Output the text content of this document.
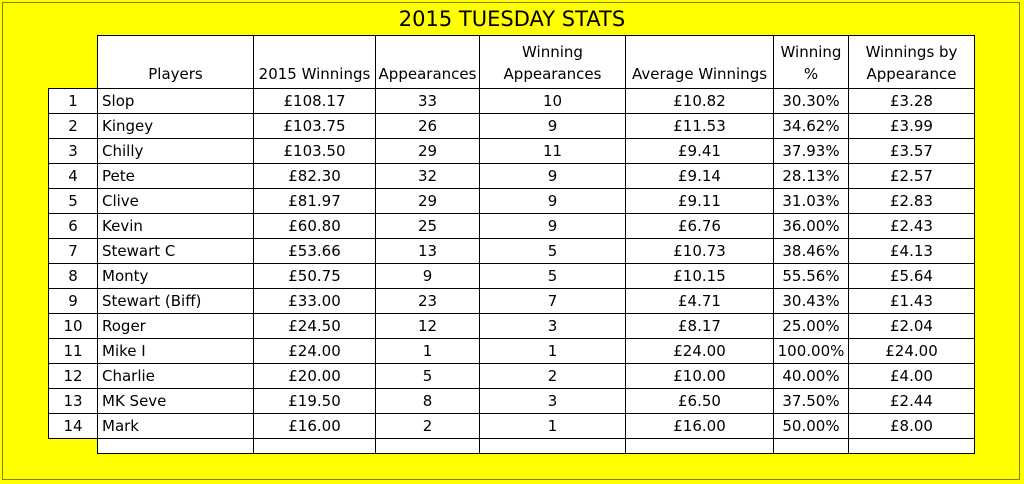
2015 TUESDAY STATS
	Players	2015 Winnings	Appearances	Winning Appearances	Average Winnings	Winning %	Winnings by Appearance
1	Slop	£108.17	33	10	£10.82	30.30%	£3.28
2	Kingey	£103.75	26	9	£11.53	34.62%	£3.99
3	Chilly	£103.50	29	11	£9.41	37.93%	£3.57
4	Pete	£82.30	32	9	£9.14	28.13%	£2.57
5	Clive	£81.97	29	9	£9.11	31.03%	£2.83
6	Kevin	£60.80	25	9	£6.76	36.00%	£2.43
7	Stewart C	£53.66	13	5	£10.73	38.46%	£4.13
8	Monty	£50.75	9	5	£10.15	55.56%	£5.64
9	Stewart (Biff)	£33.00	23	7	£4.71	30.43%	£1.43
10	Roger	£24.50	12	3	£8.17	25.00%	£2.04
11	Mike I	£24.00	1	1	£24.00	100.00%	£24.00
12	Charlie	£20.00	5	2	£10.00	40.00%	£4.00
13	MK Seve	£19.50	8	3	£6.50	37.50%	£2.44
14	Mark	£16.00	2	1	£16.00	50.00%	£8.00
